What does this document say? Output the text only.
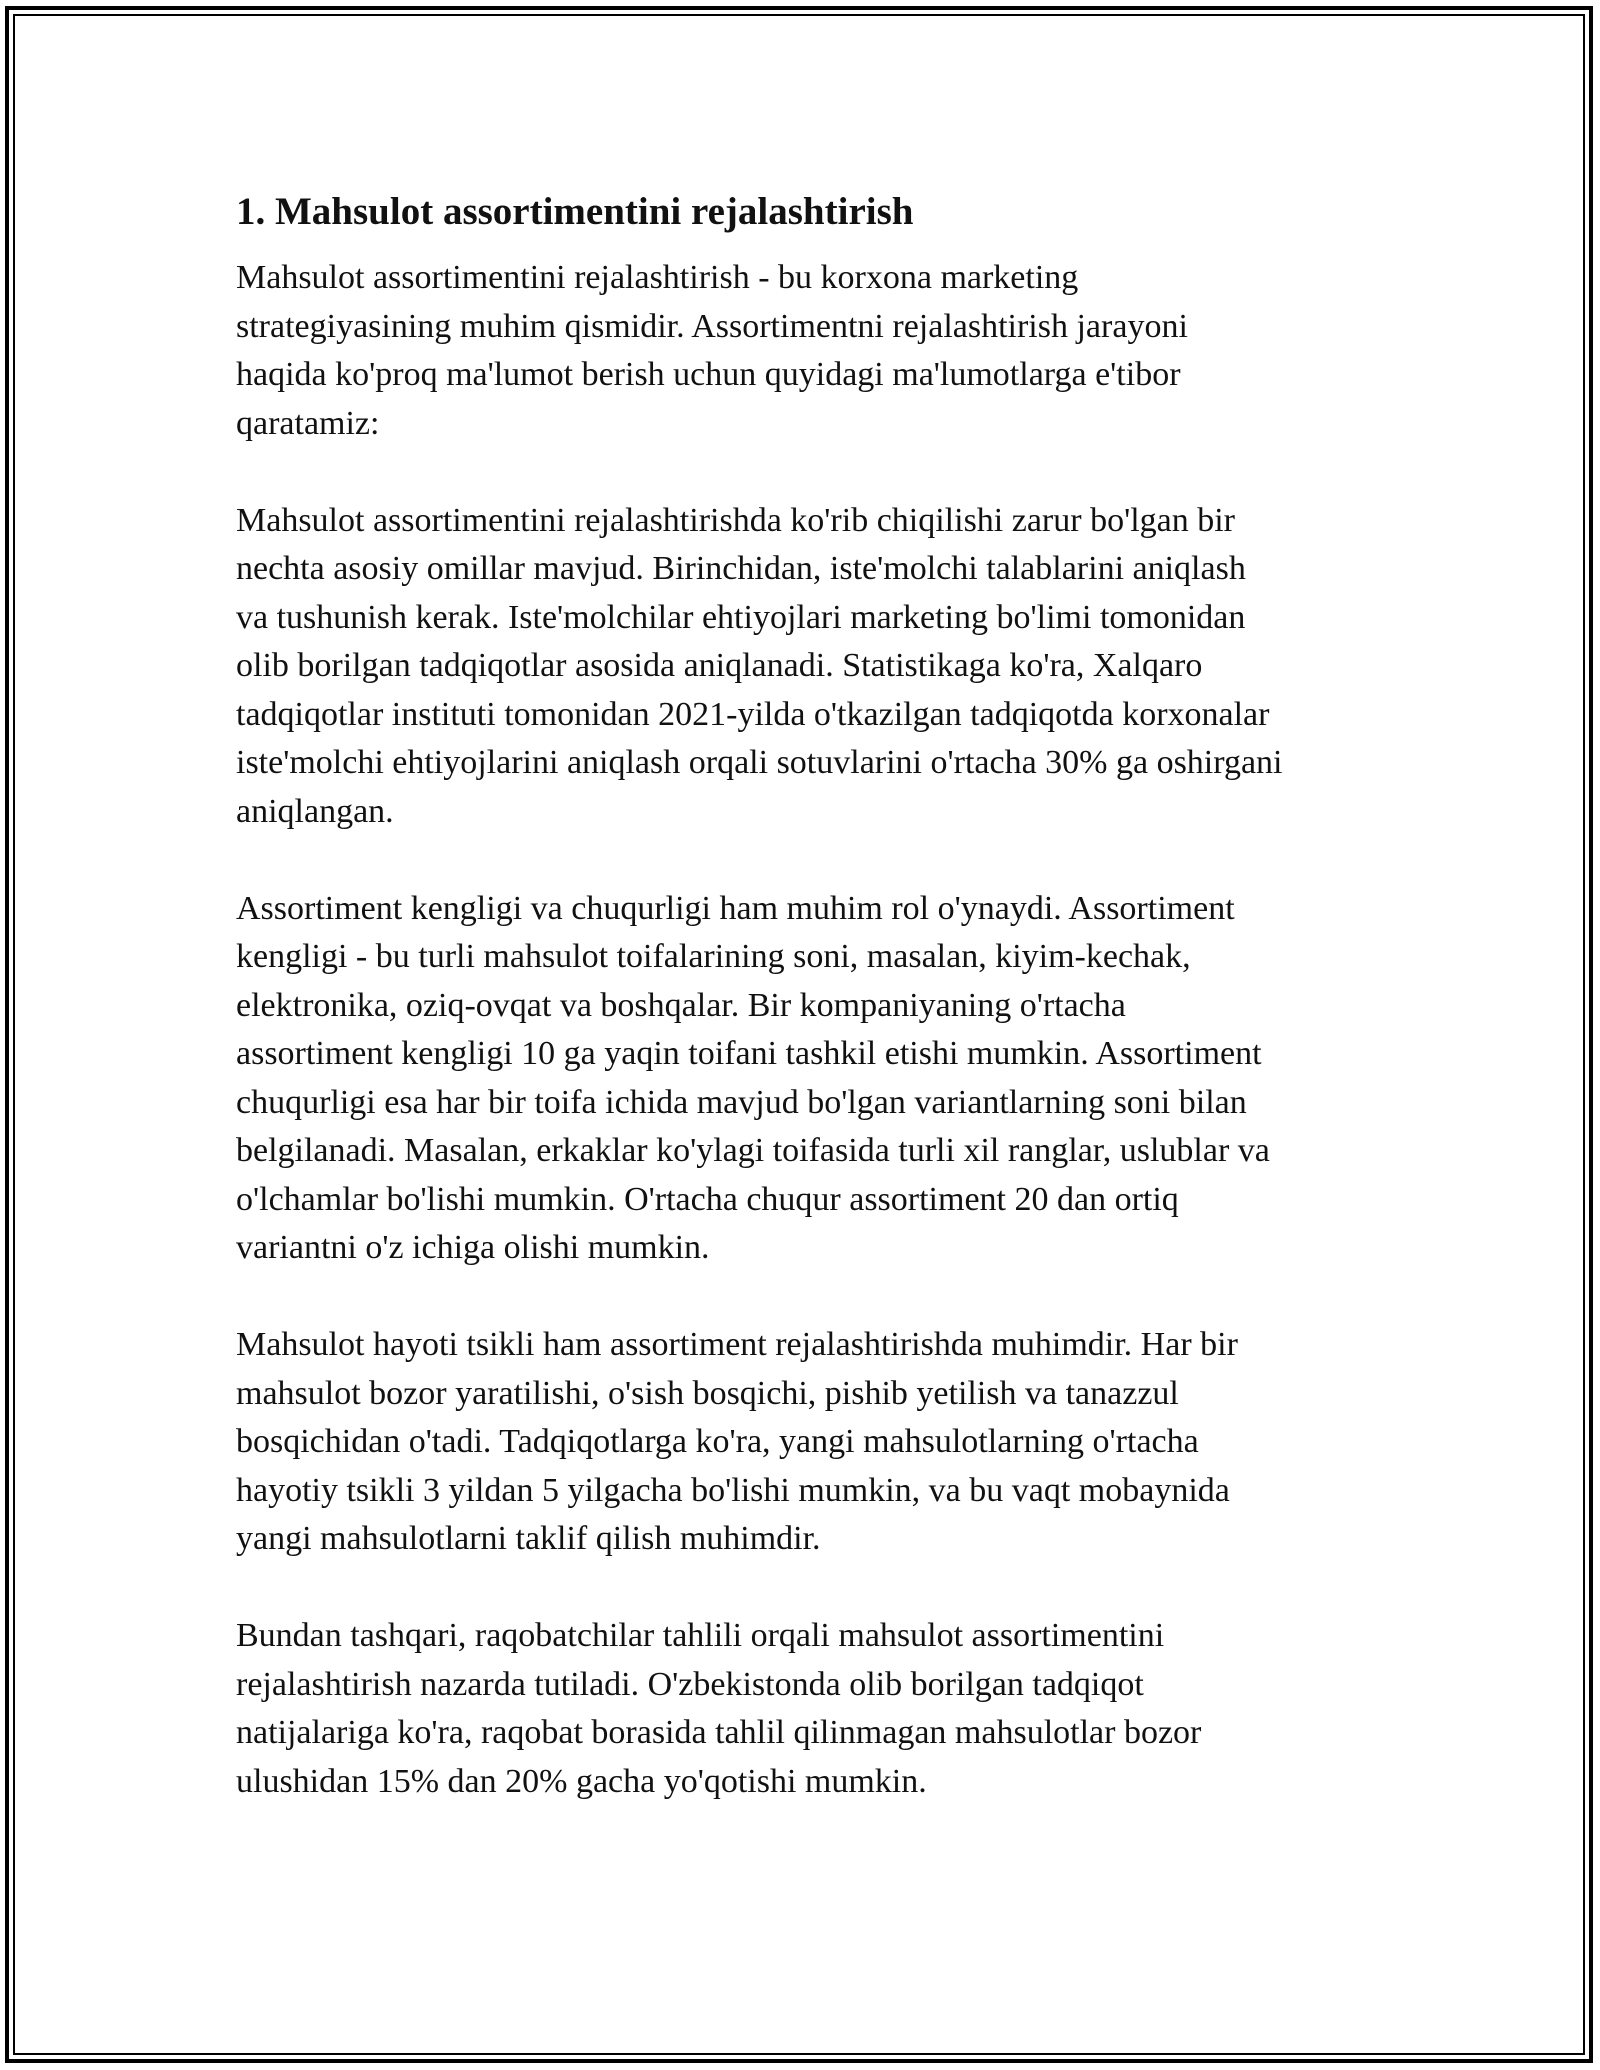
1. Mahsulot assortimentini rejalashtirish

Mahsulot assortimentini rejalashtirish - bu korxona marketing
strategiyasining muhim qismidir. Assortimentni rejalashtirish jarayoni
haqida ko'proq ma'lumot berish uchun quyidagi ma'lumotlarga e'tibor
qaratamiz:

Mahsulot assortimentini rejalashtirishda ko'rib chiqilishi zarur bo'lgan bir
nechta asosiy omillar mavjud. Birinchidan, iste'molchi talablarini aniqlash
va tushunish kerak. Iste'molchilar ehtiyojlari marketing bo'limi tomonidan
olib borilgan tadqiqotlar asosida aniqlanadi. Statistikaga ko'ra, Xalqaro
tadqiqotlar instituti tomonidan 2021-yilda o'tkazilgan tadqiqotda korxonalar
iste'molchi ehtiyojlarini aniqlash orqali sotuvlarini o'rtacha 30% ga oshirgani
aniqlangan.

Assortiment kengligi va chuqurligi ham muhim rol o'ynaydi. Assortiment
kengligi - bu turli mahsulot toifalarining soni, masalan, kiyim-kechak,
elektronika, oziq-ovqat va boshqalar. Bir kompaniyaning o'rtacha
assortiment kengligi 10 ga yaqin toifani tashkil etishi mumkin. Assortiment
chuqurligi esa har bir toifa ichida mavjud bo'lgan variantlarning soni bilan
belgilanadi. Masalan, erkaklar ko'ylagi toifasida turli xil ranglar, uslublar va
o'lchamlar bo'lishi mumkin. O'rtacha chuqur assortiment 20 dan ortiq
variantni o'z ichiga olishi mumkin.

Mahsulot hayoti tsikli ham assortiment rejalashtirishda muhimdir. Har bir
mahsulot bozor yaratilishi, o'sish bosqichi, pishib yetilish va tanazzul
bosqichidan o'tadi. Tadqiqotlarga ko'ra, yangi mahsulotlarning o'rtacha
hayotiy tsikli 3 yildan 5 yilgacha bo'lishi mumkin, va bu vaqt mobaynida
yangi mahsulotlarni taklif qilish muhimdir.

Bundan tashqari, raqobatchilar tahlili orqali mahsulot assortimentini
rejalashtirish nazarda tutiladi. O'zbekistonda olib borilgan tadqiqot
natijalariga ko'ra, raqobat borasida tahlil qilinmagan mahsulotlar bozor
ulushidan 15% dan 20% gacha yo'qotishi mumkin.
